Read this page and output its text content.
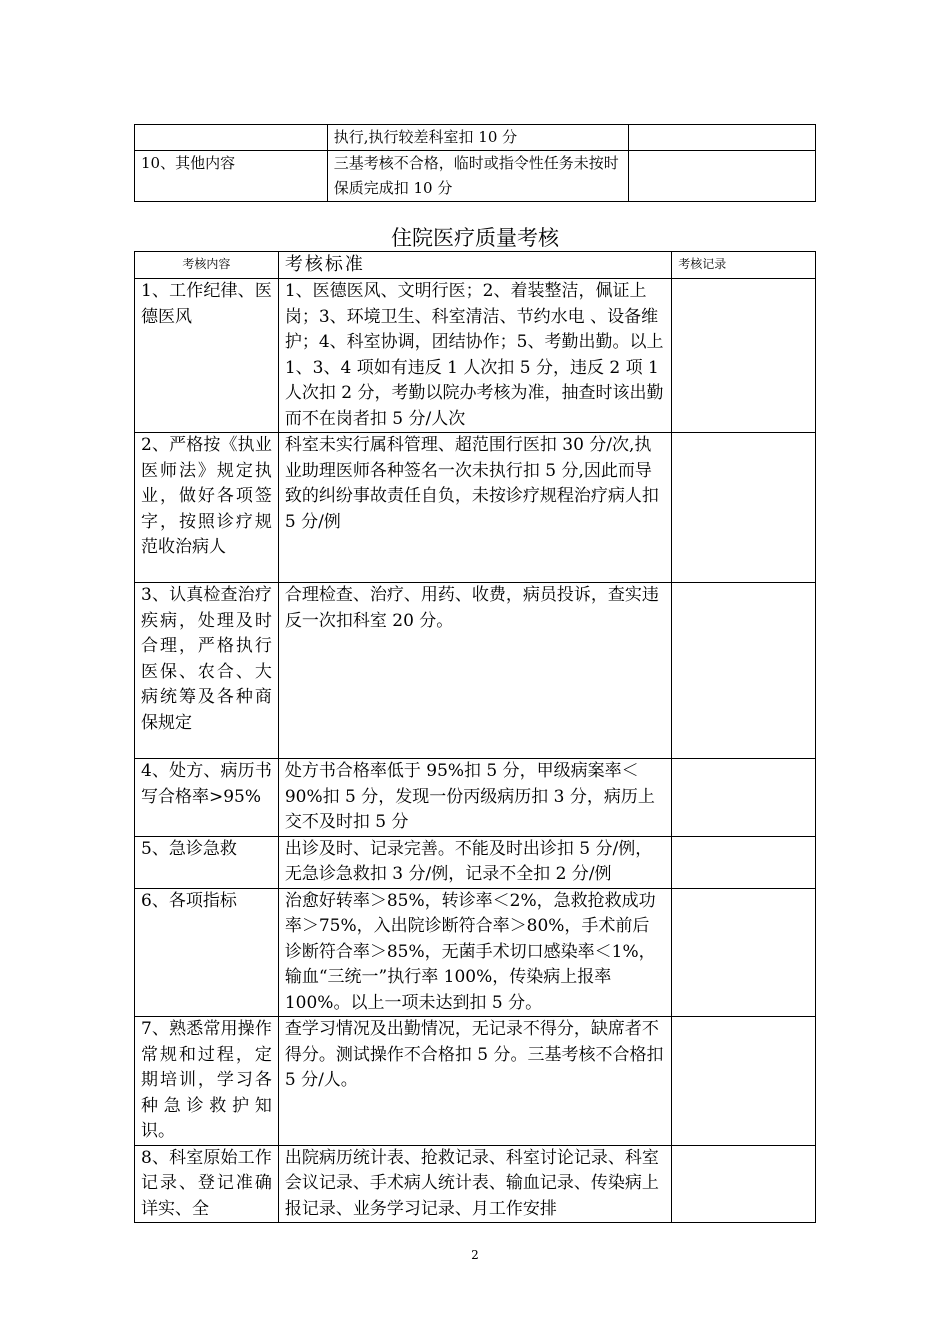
	执行,执行较差科室扣 10 分	
10、其他内容	三基考核不合格，临时或指令性任务未按时保质完成扣 10 分	
住院医疗质量考核
考核内容	考核标准	考核记录
1、工作纪律、医德医风	1、医德医风、文明行医；2、着装整洁，佩证上岗；3、环境卫生、科室清洁、节约水电 、设备维护；4、科室协调，团结协作；5、考勤出勤。以上 1、3、4 项如有违反 1 人次扣 5 分，违反 2 项 1 人次扣 2 分，考勤以院办考核为准，抽查时该出勤而不在岗者扣 5 分/人次	
2、严格按《执业医师法》规定执业，做好各项签字，按照诊疗规范收治病人	科室未实行属科管理、超范围行医扣 30 分/次,执业助理医师各种签名一次未执行扣 5 分,因此而导致的纠纷事故责任自负，未按诊疗规程治疗病人扣 5 分/例	
3、认真检查治疗疾病，处理及时合理，严格执行医保、农合、大病统筹及各种商保规定	合理检查、治疗、用药、收费，病员投诉，查实违反一次扣科室 20 分。	
4、处方、病历书写合格率>95%	处方书合格率低于 95%扣 5 分，甲级病案率＜90%扣 5 分，发现一份丙级病历扣 3 分，病历上交不及时扣 5 分	
5、急诊急救	出诊及时、记录完善。不能及时出诊扣 5 分/例，无急诊急救扣 3 分/例，记录不全扣 2 分/例	
6、各项指标	治愈好转率＞85%，转诊率＜2%，急救抢救成功率＞75%，入出院诊断符合率＞80%，手术前后诊断符合率＞85%，无菌手术切口感染率＜1%，输血“三统一”执行率 100%，传染病上报率 100%。以上一项未达到扣 5 分。	
7、熟悉常用操作常规和过程，定期培训，学习各种急诊救护知识。	查学习情况及出勤情况，无记录不得分，缺席者不得分。测试操作不合格扣 5 分。三基考核不合格扣 5 分/人。	
8、科室原始工作记录、登记准确详实、全	出院病历统计表、抢救记录、科室讨论记录、科室会议记录、手术病人统计表、输血记录、传染病上报记录、业务学习记录、月工作安排	
2
